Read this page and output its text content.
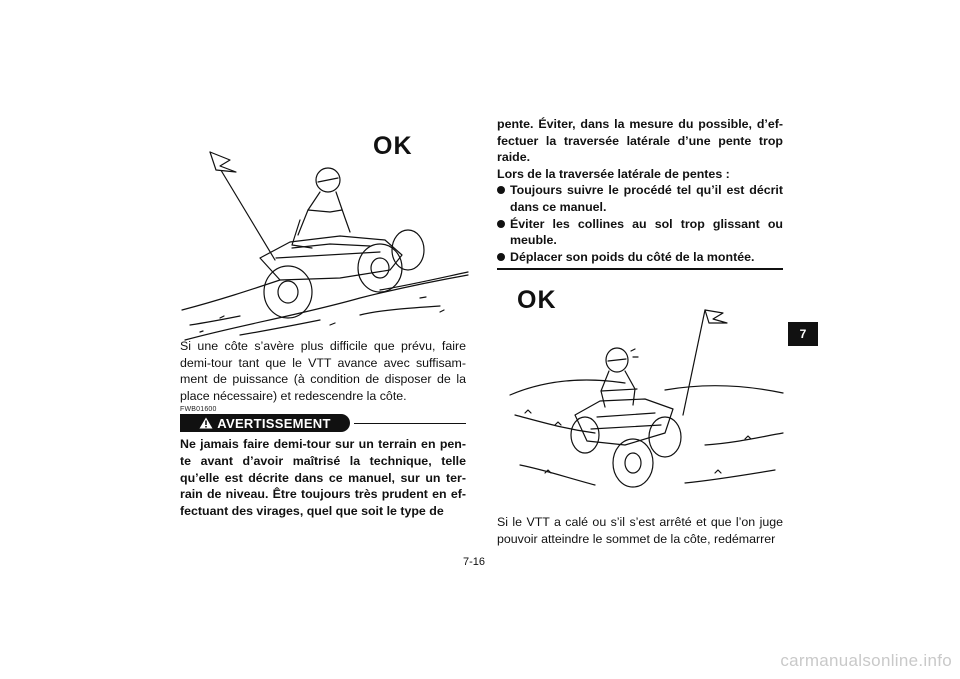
OK

Si une côte s’avère plus difficile que prévu, faire demi-tour tant que le VTT avance avec suffisam-ment de puissance (à condition de disposer de la place nécessaire) et redescendre la côte.

FWB01600
AVERTISSEMENT

Ne jamais faire demi-tour sur un terrain en pen-te avant d’avoir maîtrisé la technique, telle qu’elle est décrite dans ce manuel, sur un ter-rain de niveau. Être toujours très prudent en ef-fectuant des virages, quel que soit le type de

pente. Éviter, dans la mesure du possible, d’ef-fectuer la traversée latérale d’une pente trop raide.

Lors de la traversée latérale de pentes :

Toujours suivre le procédé tel qu’il est décrit dans ce manuel.
Éviter les collines au sol trop glissant ou meuble.
Déplacer son poids du côté de la montée.
OK

Si le VTT a calé ou s’il s’est arrêté et que l’on juge pouvoir atteindre le sommet de la côte, redémarrer

7-16
7
carmanualsonline.info
